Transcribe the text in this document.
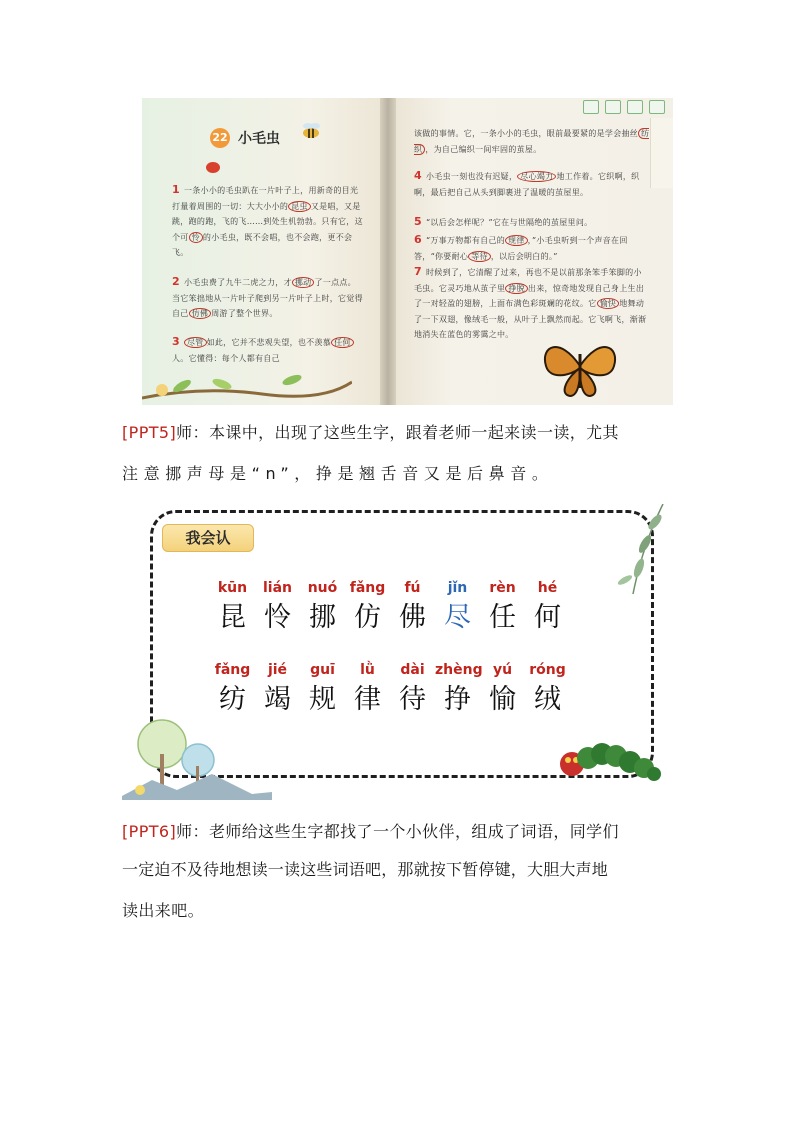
22 小毛虫
1 一条小小的毛虫趴在一片叶子上，用新奇的目光打量着周围的一切：大大小小的 昆虫 又是唱，又是跳，跑的跑，飞的飞……到处生机勃勃。只有它，这个可 怜 的小毛虫，既不会唱，也不会跑，更不会飞。
2 小毛虫费了九牛二虎之力，才 挪动 了一点点。当它笨拙地从一片叶子爬到另一片叶子上时，它觉得自己 仿佛 周游了整个世界。
3 尽管 如此，它并不悲观失望，也不羡慕 任何人。它懂得：每个人都有自己
该做的事情。它，一条小小的毛虫，眼前最要紧的是学会抽丝 纺织 ，为自己编织一间牢固的茧屋。
4 小毛虫一刻也没有迟疑， 尽心竭力 地工作着。它织啊，织啊，最后把自己从头到脚裹进了温暖的茧屋里。
5 “以后会怎样呢？”它在与世隔绝的茧屋里问。
6 “万事万物都有自己的 规律 ，”小毛虫听到一个声音在回答，“你要耐心 等待 ，以后会明白的。”
7 时候到了，它清醒了过来，再也不是以前那条笨手笨脚的小毛虫。它灵巧地从茧子里 挣脱 出来，惊奇地发现自己身上生出了一对轻盈的翅膀，上面布满色彩斑斓的花纹。它 愉快 地舞动了一下双翅，像绒毛一般，从叶子上飘然而起。它飞啊飞，渐渐地消失在蓝色的雾霭之中。
[PPT5]师：本课中，出现了这些生字，跟着老师一起来读一读，尤其
注意挪声母是“n”，挣是翘舌音又是后鼻音。
我会认
kūn
昆
lián
怜
nuó
挪
fǎng
仿
fú
佛
jǐn
尽
rèn
任
hé
何
fǎng
纺
jié
竭
guī
规
lǜ
律
dài
待
zhèng
挣
yú
愉
róng
绒
[PPT6]师：老师给这些生字都找了一个小伙伴，组成了词语，同学们
一定迫不及待地想读一读这些词语吧，那就按下暂停键，大胆大声地
读出来吧。
